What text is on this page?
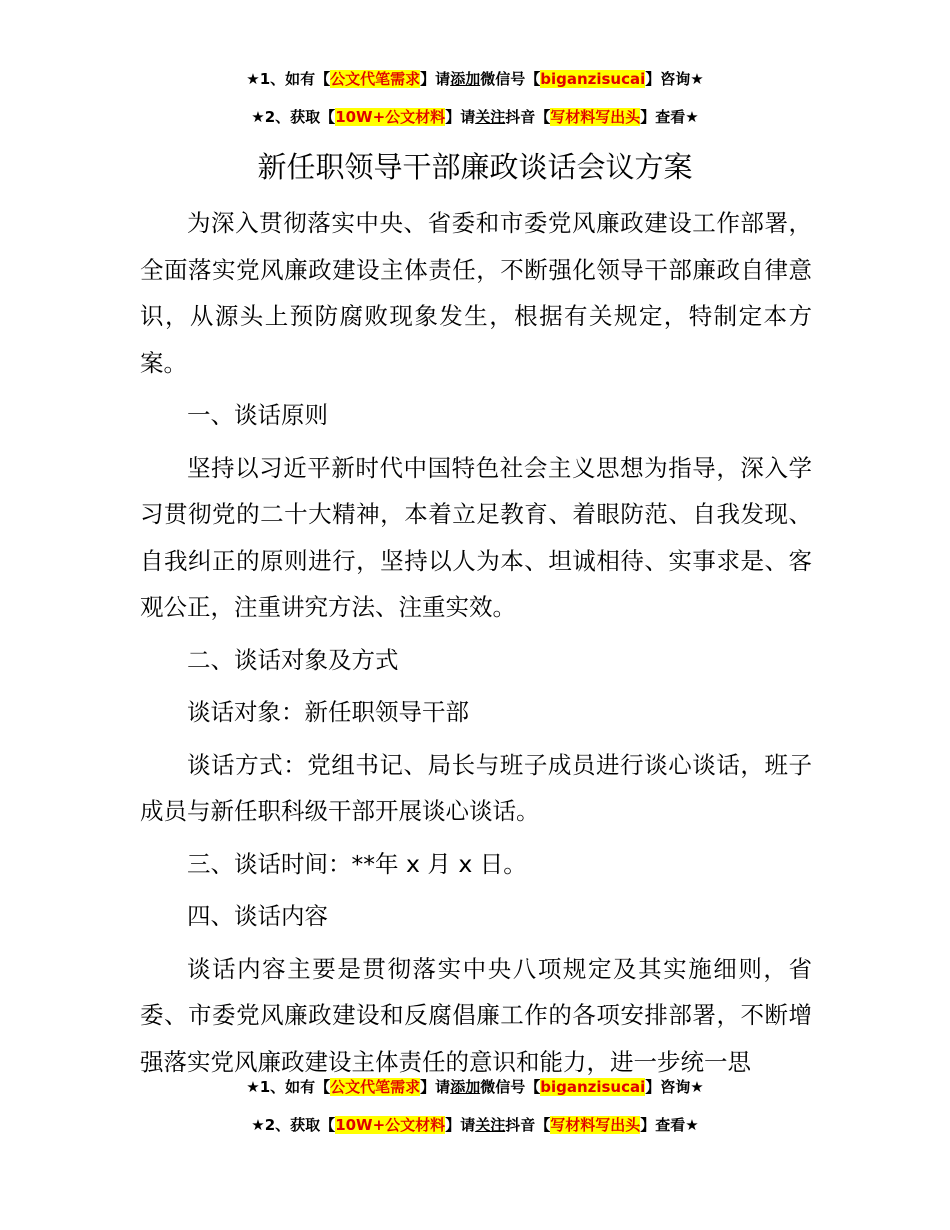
★1、如有【公文代笔需求】请添加微信号【biganzisucai】咨询★
★2、获取【10W+公文材料】请关注抖音【写材料写出头】查看★
新任职领导干部廉政谈话会议方案

为深入贯彻落实中央、省委和市委党风廉政建设工作部署，全面落实党风廉政建设主体责任，不断强化领导干部廉政自律意识，从源头上预防腐败现象发生，根据有关规定，特制定本方案。

一、谈话原则

坚持以习近平新时代中国特色社会主义思想为指导，深入学习贯彻党的二十大精神，本着立足教育、着眼防范、自我发现、自我纠正的原则进行，坚持以人为本、坦诚相待、实事求是、客观公正，注重讲究方法、注重实效。

二、谈话对象及方式

谈话对象：新任职领导干部

谈话方式：党组书记、局长与班子成员进行谈心谈话，班子成员与新任职科级干部开展谈心谈话。

三、谈话时间：**年 x 月 x 日。

四、谈话内容

谈话内容主要是贯彻落实中央八项规定及其实施细则，省委、市委党风廉政建设和反腐倡廉工作的各项安排部署，不断增强落实党风廉政建设主体责任的意识和能力，进一步统一思

★1、如有【公文代笔需求】请添加微信号【biganzisucai】咨询★
★2、获取【10W+公文材料】请关注抖音【写材料写出头】查看★
